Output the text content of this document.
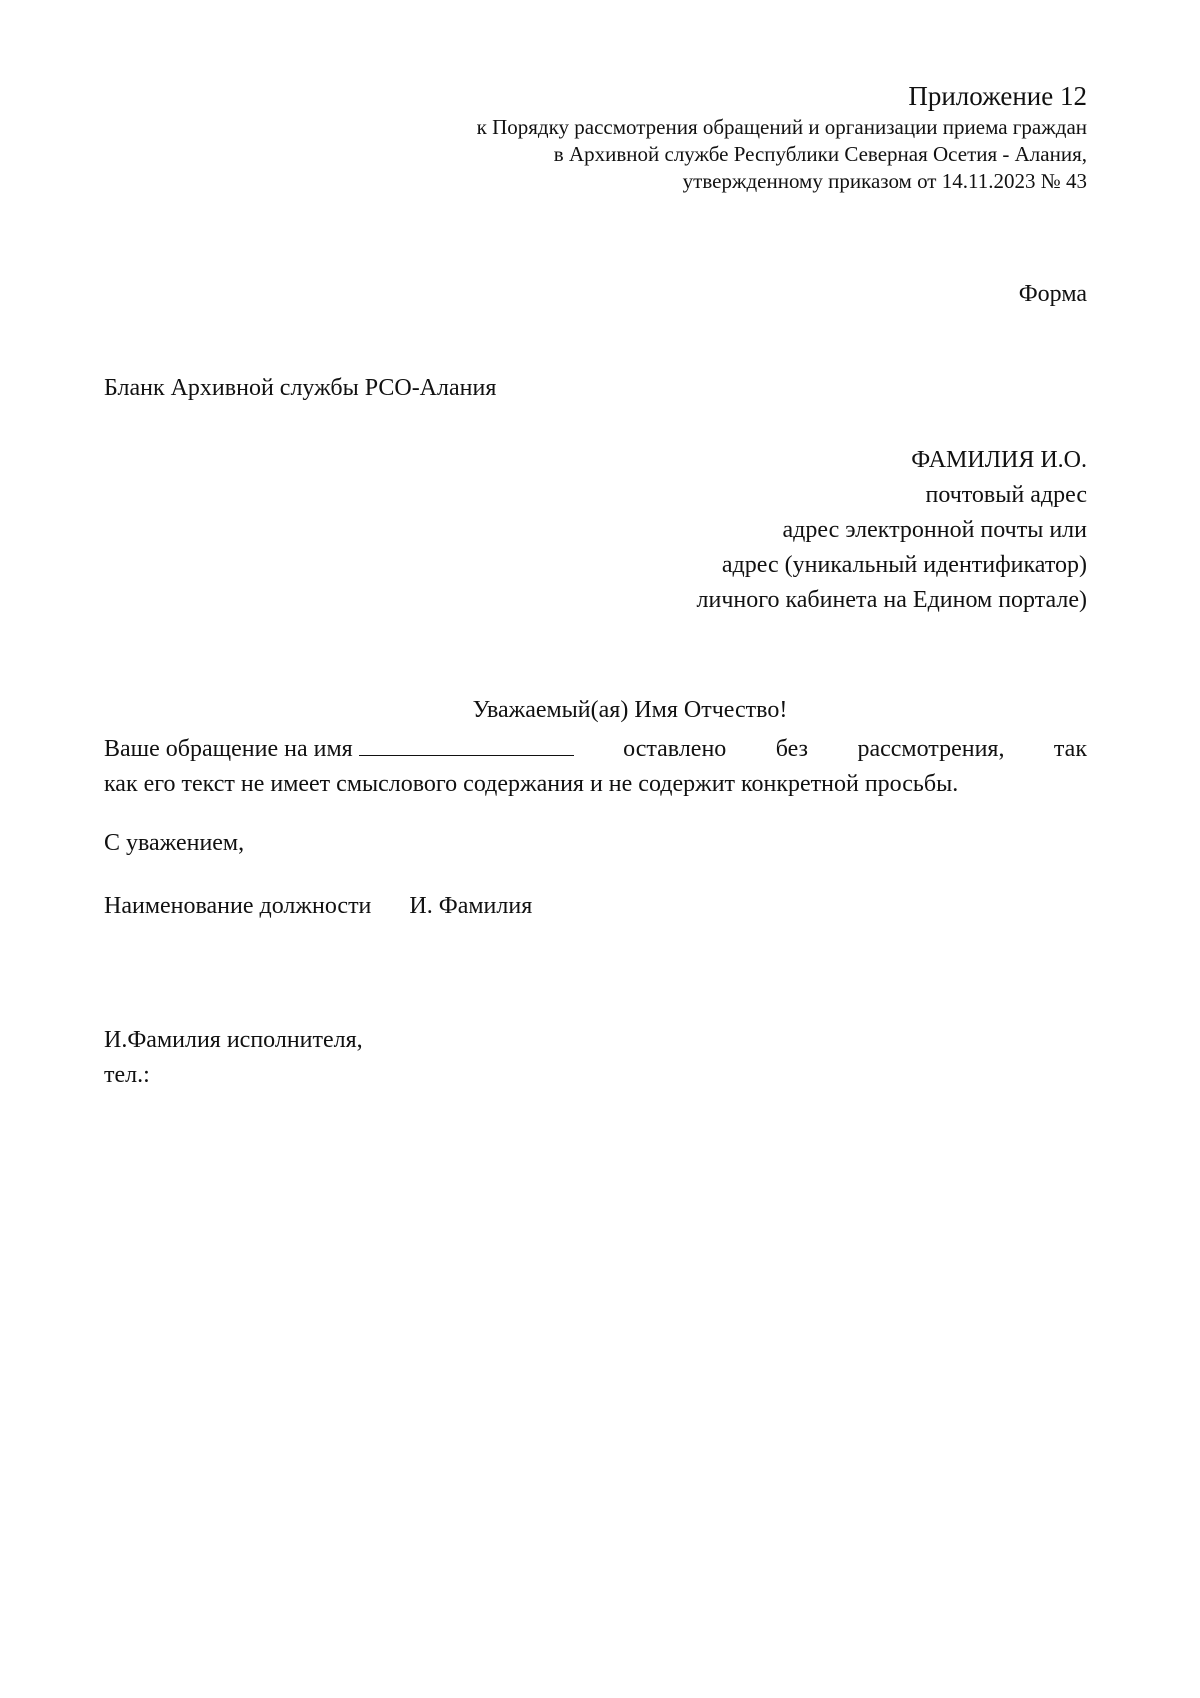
Приложение 12
к Порядку рассмотрения обращений и организации приема граждан
в Архивной службе Республики Северная Осетия - Алания,
утвержденному приказом от 14.11.2023 № 43
Форма
Бланк Архивной службы РСО-Алания
ФАМИЛИЯ И.О.
почтовый адрес
адрес электронной почты или
адрес (уникальный идентификатор)
личного кабинета на Едином портале)
Уважаемый(ая) Имя Отчество!
Ваше обращение на имя	оставлено без рассмотрения, так
как его текст не имеет смыслового содержания и не содержит конкретной просьбы.
С уважением,
Наименование должности И. Фамилия
И.Фамилия исполнителя,
тел.:
